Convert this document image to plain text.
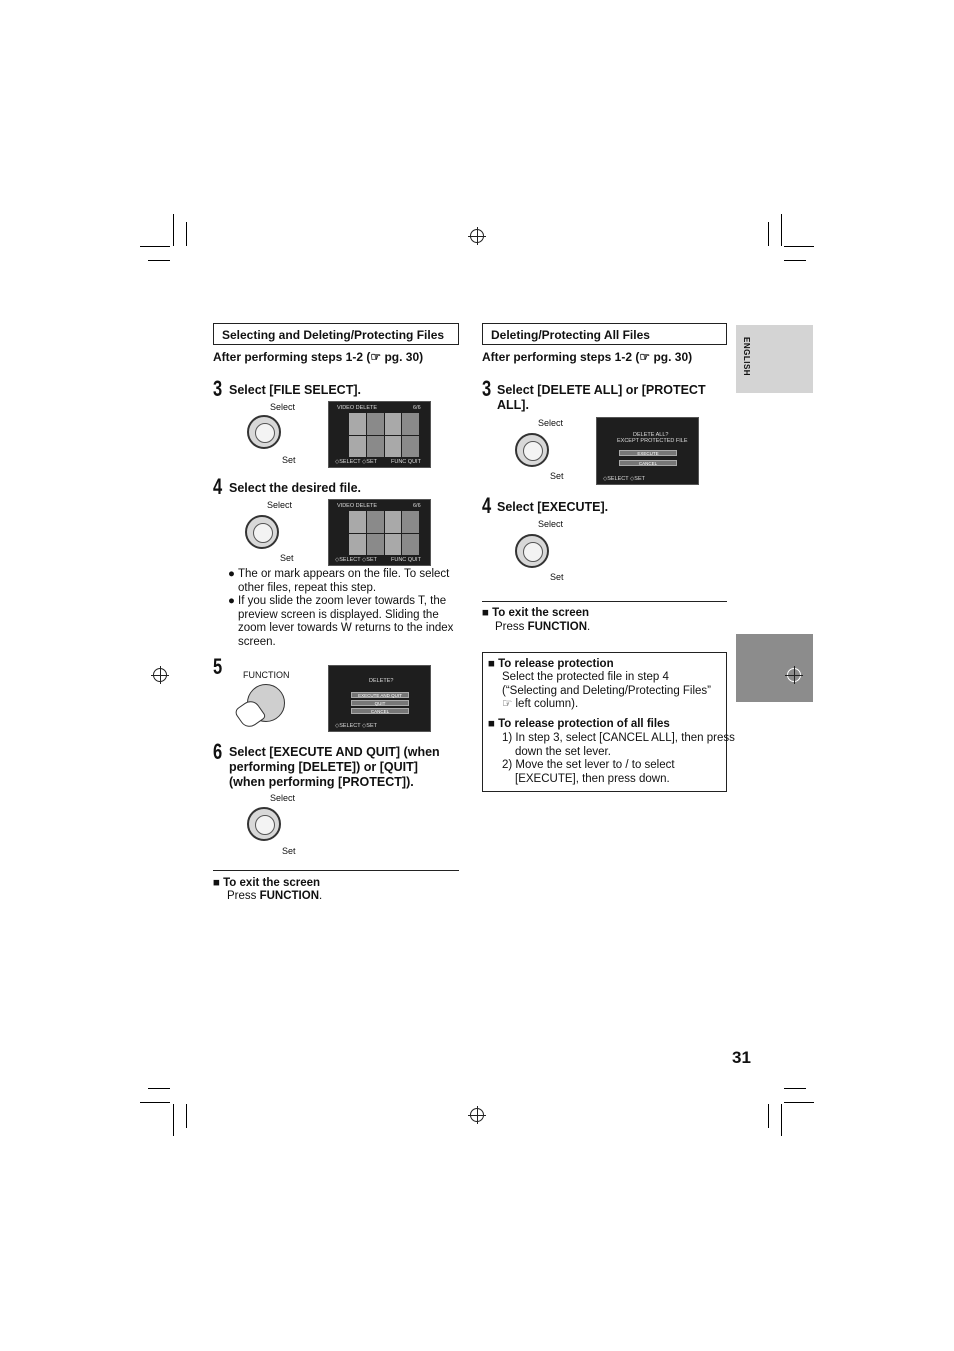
ENGLISH
Selecting and Deleting/Protecting Files
After performing steps 1-2 (☞ pg. 30)
3 Select [FILE SELECT].
Select
Set
VIDEO DELETE	6/6
◇SELECT ◇SET	FUNC QUIT
4 Select the desired file.
Select
Set
VIDEO DELETE	6/6
◇SELECT ◇SET	FUNC QUIT
● The or mark appears on the file. To select other files, repeat this step.
● If you slide the zoom lever towards T, the preview screen is displayed. Sliding the zoom lever towards W returns to the index screen.
5 FUNCTION
DELETE?
EXECUTE AND QUIT
QUIT
CANCEL
◇SELECT ◇SET
6 Select [EXECUTE AND QUIT] (when performing [DELETE]) or [QUIT] (when performing [PROTECT]).
Select
Set
■ To exit the screen
Press FUNCTION.
Deleting/Protecting All Files
After performing steps 1-2 (☞ pg. 30)
3 Select [DELETE ALL] or [PROTECT ALL].
Select
Set
DELETE ALL?
EXCEPT PROTECTED FILE
EXECUTE
CANCEL
◇SELECT ◇SET
4 Select [EXECUTE].
Select
Set
■ To exit the screen
Press FUNCTION.
■ To release protection
Select the protected file in step 4 (“Selecting and Deleting/Protecting Files” ☞ left column).
■ To release protection of all files
1) In step 3, select [CANCEL ALL], then press down the set lever.
2) Move the set lever to / to select [EXECUTE], then press down.
31
